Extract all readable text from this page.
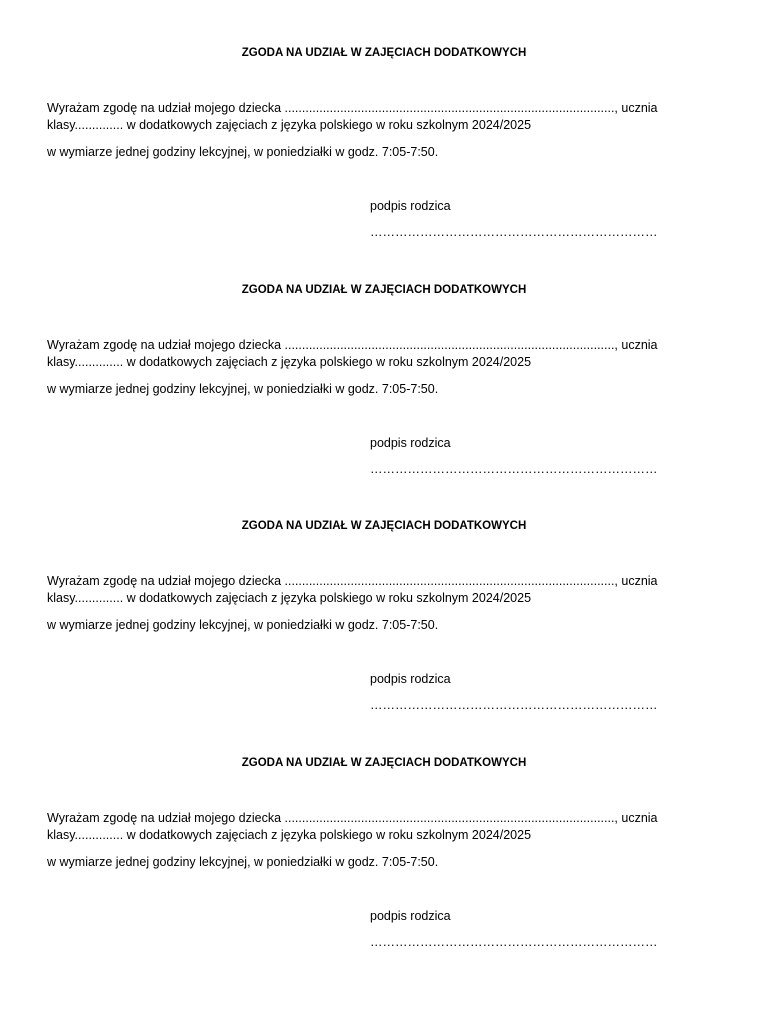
ZGODA NA UDZIAŁ W ZAJĘCIACH DODATKOWYCH
Wyrażam zgodę na udział mojego dziecka ..............................................................................................., ucznia
klasy.............. w dodatkowych zajęciach z języka polskiego w roku szkolnym 2024/2025
w wymiarze jednej godziny lekcyjnej, w poniedziałki w godz. 7:05-7:50.
podpis rodzica
……………………………………………………………
ZGODA NA UDZIAŁ W ZAJĘCIACH DODATKOWYCH
Wyrażam zgodę na udział mojego dziecka ..............................................................................................., ucznia
klasy.............. w dodatkowych zajęciach z języka polskiego w roku szkolnym 2024/2025
w wymiarze jednej godziny lekcyjnej, w poniedziałki w godz. 7:05-7:50.
podpis rodzica
……………………………………………………………
ZGODA NA UDZIAŁ W ZAJĘCIACH DODATKOWYCH
Wyrażam zgodę na udział mojego dziecka ..............................................................................................., ucznia
klasy.............. w dodatkowych zajęciach z języka polskiego w roku szkolnym 2024/2025
w wymiarze jednej godziny lekcyjnej, w poniedziałki w godz. 7:05-7:50.
podpis rodzica
……………………………………………………………
ZGODA NA UDZIAŁ W ZAJĘCIACH DODATKOWYCH
Wyrażam zgodę na udział mojego dziecka ..............................................................................................., ucznia
klasy.............. w dodatkowych zajęciach z języka polskiego w roku szkolnym 2024/2025
w wymiarze jednej godziny lekcyjnej, w poniedziałki w godz. 7:05-7:50.
podpis rodzica
……………………………………………………………
